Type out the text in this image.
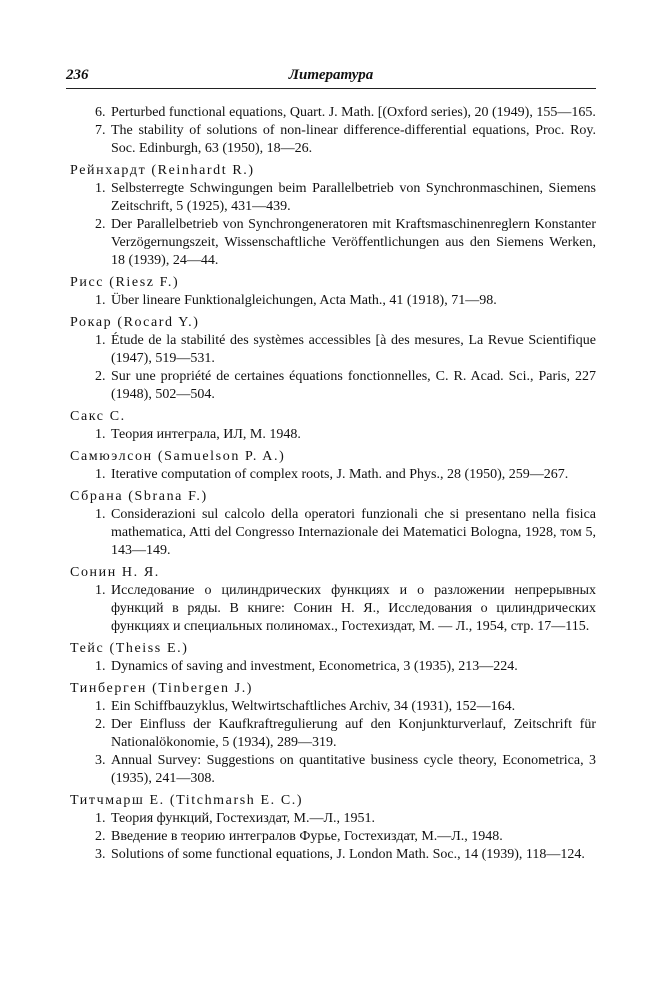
236	Литература
6. Perturbed functional equations, Quart. J. Math. [(Oxford series), 20 (1949), 155—165.
7. The stability of solutions of non-linear difference-differential equations, Proc. Roy. Soc. Edinburgh, 63 (1950), 18—26.
Рейнхардт (Reinhardt R.)
1. Selbsterregte Schwingungen beim Parallelbetrieb von Synchronmaschinen, Siemens Zeitschrift, 5 (1925), 431—439.
2. Der Parallelbetrieb von Synchrongeneratoren mit Kraftsmaschinenreglern Konstanter Verzögernungszeit, Wissenschaftliche Veröffentlichungen aus den Siemens Werken, 18 (1939), 24—44.
Рисс (Riesz F.)
1. Über lineare Funktionalgleichungen, Acta Math., 41 (1918), 71—98.
Рокар (Rocard Y.)
1. Étude de la stabilité des systèmes accessibles [à des mesures, La Revue Scientifique (1947), 519—531.
2. Sur une propriété de certaines équations fonctionnelles, C. R. Acad. Sci., Paris, 227 (1948), 502—504.
Сакс С.
1. Теория интеграла, ИЛ, М. 1948.
Самюэлсон (Samuelson P. A.)
1. Iterative computation of complex roots, J. Math. and Phys., 28 (1950), 259—267.
Сбрана (Sbrana F.)
1. Considerazioni sul calcolo della operatori funzionali che si presentano nella fisica mathematica, Atti del Congresso Internazionale dei Matematici Bologna, 1928, том 5, 143—149.
Сонин Н. Я.
1. Исследование о цилиндрических функциях и о разложении непрерывных функций в ряды. В книге: Сонин Н. Я., Исследования о цилиндрических функциях и специальных полиномах., Гостехиздат, М. — Л., 1954, стр. 17—115.
Тейс (Theiss E.)
1. Dynamics of saving and investment, Econometrica, 3 (1935), 213—224.
Тинберген (Tinbergen J.)
1. Ein Schiffbauzyklus, Weltwirtschaftliches Archiv, 34 (1931), 152—164.
2. Der Einfluss der Kaufkraftregulierung auf den Konjunkturverlauf, Zeitschrift für Nationalökonomie, 5 (1934), 289—319.
3. Annual Survey: Suggestions on quantitative business cycle theory, Econometrica, 3 (1935), 241—308.
Титчмарш Е. (Titchmarsh E. C.)
1. Теория функций, Гостехиздат, М.—Л., 1951.
2. Введение в теорию интегралов Фурье, Гостехиздат, М.—Л., 1948.
3. Solutions of some functional equations, J. London Math. Soc., 14 (1939), 118—124.
